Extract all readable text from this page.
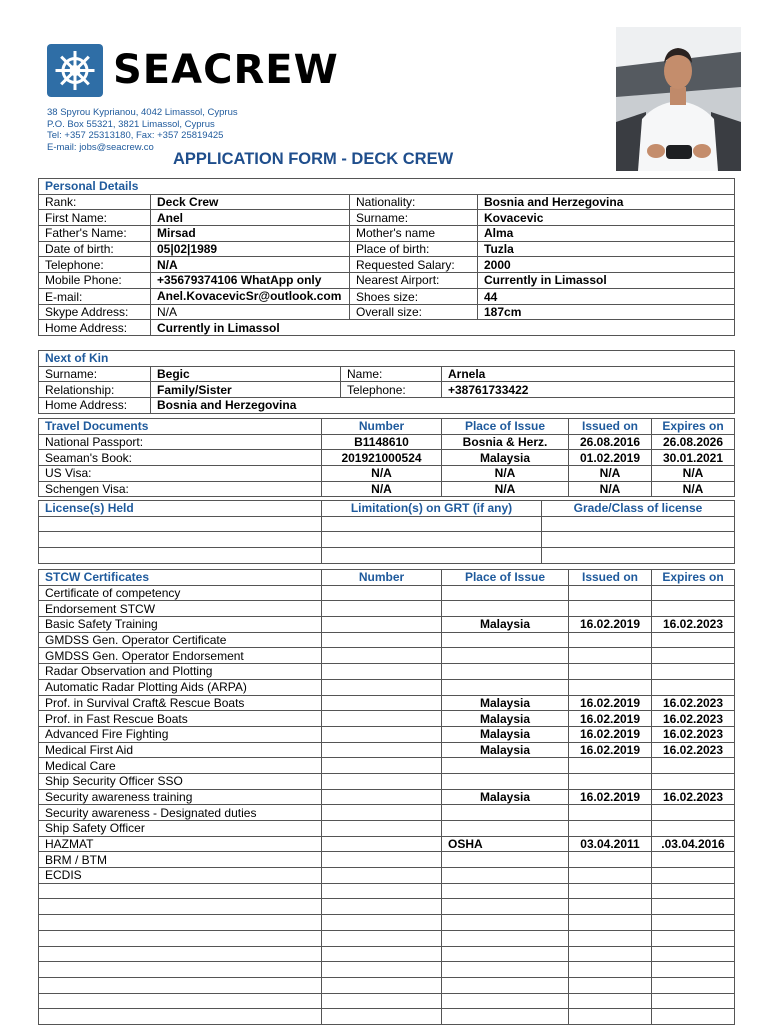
SEACREW
38 Spyrou Kyprianou, 4042 Limassol, Cyprus
P.O. Box 55321, 3821 Limassol, Cyprus
Tel: +357 25313180, Fax: +357 25819425
E-mail: jobs@seacrew.co
APPLICATION FORM - DECK CREW
Personal Details			
Rank:	Deck Crew	Nationality:	Bosnia and Herzegovina
First Name:	Anel	Surname:	Kovacevic
Father's Name:	Mirsad	Mother's name	Alma
Date of birth:	05|02|1989	Place of birth:	Tuzla
Telephone:	N/A	Requested Salary:	2000
Mobile Phone:	+35679374106 WhatApp only	Nearest Airport:	Currently in Limassol
E-mail:	Anel.KovacevicSr@outlook.com	Shoes size:	44
Skype Address:	N/A	Overall size:	187cm
Home Address:	Currently in Limassol		
Next of Kin			
Surname:	Begic	Name:	Arnela
Relationship:	Family/Sister	Telephone:	+38761733422
Home Address:	Bosnia and Herzegovina		
Travel Documents	Number	Place of Issue	Issued on	Expires on
National Passport:	B1148610	Bosnia & Herz.	26.08.2016	26.08.2026
Seaman's Book:	201921000524	Malaysia	01.02.2019	30.01.2021
US Visa:	N/A	N/A	N/A	N/A
Schengen Visa:	N/A	N/A	N/A	N/A
License(s) Held	Limitation(s) on GRT (if any)	Grade/Class of license

STCW Certificates	Number	Place of Issue	Issued on	Expires on
Certificate of competency				
Endorsement STCW				
Basic Safety Training		Malaysia	16.02.2019	16.02.2023
GMDSS Gen. Operator Certificate				
GMDSS Gen. Operator Endorsement				
Radar Observation and Plotting				
Automatic Radar Plotting Aids (ARPA)				
Prof. in Survival Craft& Rescue Boats		Malaysia	16.02.2019	16.02.2023
Prof. in Fast Rescue Boats		Malaysia	16.02.2019	16.02.2023
Advanced Fire Fighting		Malaysia	16.02.2019	16.02.2023
Medical First Aid		Malaysia	16.02.2019	16.02.2023
Medical Care				
Ship Security Officer SSO				
Security awareness training		Malaysia	16.02.2019	16.02.2023
Security awareness - Designated duties				
Ship Safety Officer				
HAZMAT		OSHA	03.04.2011	.03.04.2016
BRM / BTM				
ECDIS				
